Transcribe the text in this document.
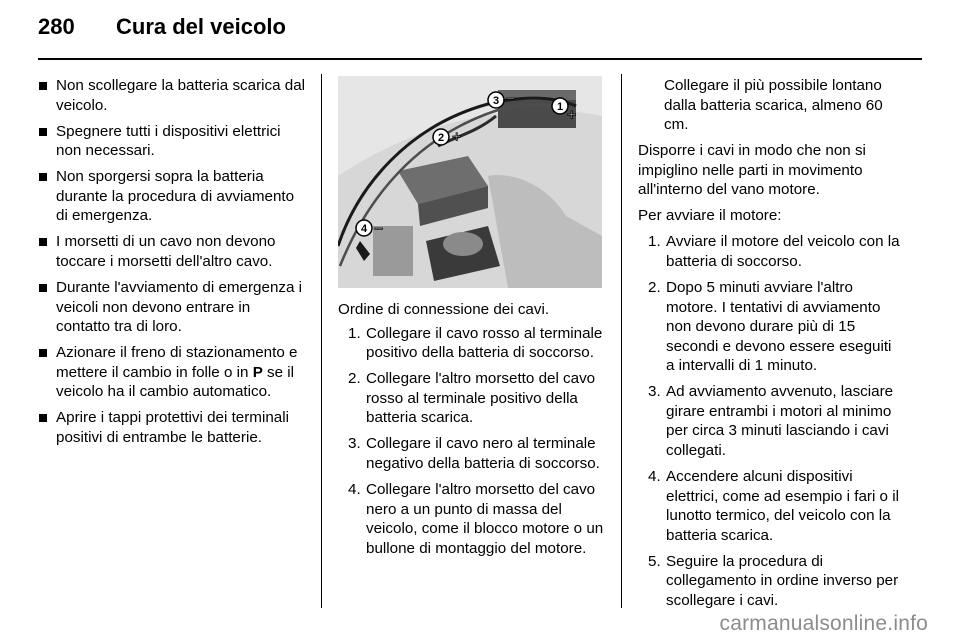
280	Cura del veicolo
Non scollegare la batteria scarica dal veicolo.
Spegnere tutti i dispositivi elettrici non necessari.
Non sporgersi sopra la batteria durante la procedura di avviamento di emergenza.
I morsetti di un cavo non devono toccare i morsetti dell'altro cavo.
Durante l'avviamento di emergenza i veicoli non devono entrare in contatto tra di loro.
Azionare il freno di stazionamento e mettere il cambio in folle o in P se il veicolo ha il cambio automatico.
Aprire i tappi protettivi dei terminali positivi di entrambe le batterie.
3	1 +
−
2 +
4 −

Ordine di connessione dei cavi.

1. Collegare il cavo rosso al terminale positivo della batteria di soccorso.
2. Collegare l'altro morsetto del cavo rosso al terminale positivo della batteria scarica.
3. Collegare il cavo nero al terminale negativo della batteria di soccorso.
4. Collegare l'altro morsetto del cavo nero a un punto di massa del veicolo, come il blocco motore o un bullone di montaggio del motore.

Collegare il più possibile lontano dalla batteria scarica, almeno 60 cm.

Disporre i cavi in modo che non si impiglino nelle parti in movimento all'interno del vano motore.

Per avviare il motore:

1. Avviare il motore del veicolo con la batteria di soccorso.
2. Dopo 5 minuti avviare l'altro motore. I tentativi di avviamento non devono durare più di 15 secondi e devono essere eseguiti a intervalli di 1 minuto.
3. Ad avviamento avvenuto, lasciare girare entrambi i motori al minimo per circa 3 minuti lasciando i cavi collegati.
4. Accendere alcuni dispositivi elettrici, come ad esempio i fari o il lunotto termico, del veicolo con la batteria scarica.
5. Seguire la procedura di collegamento in ordine inverso per scollegare i cavi.
carmanualsonline.info
